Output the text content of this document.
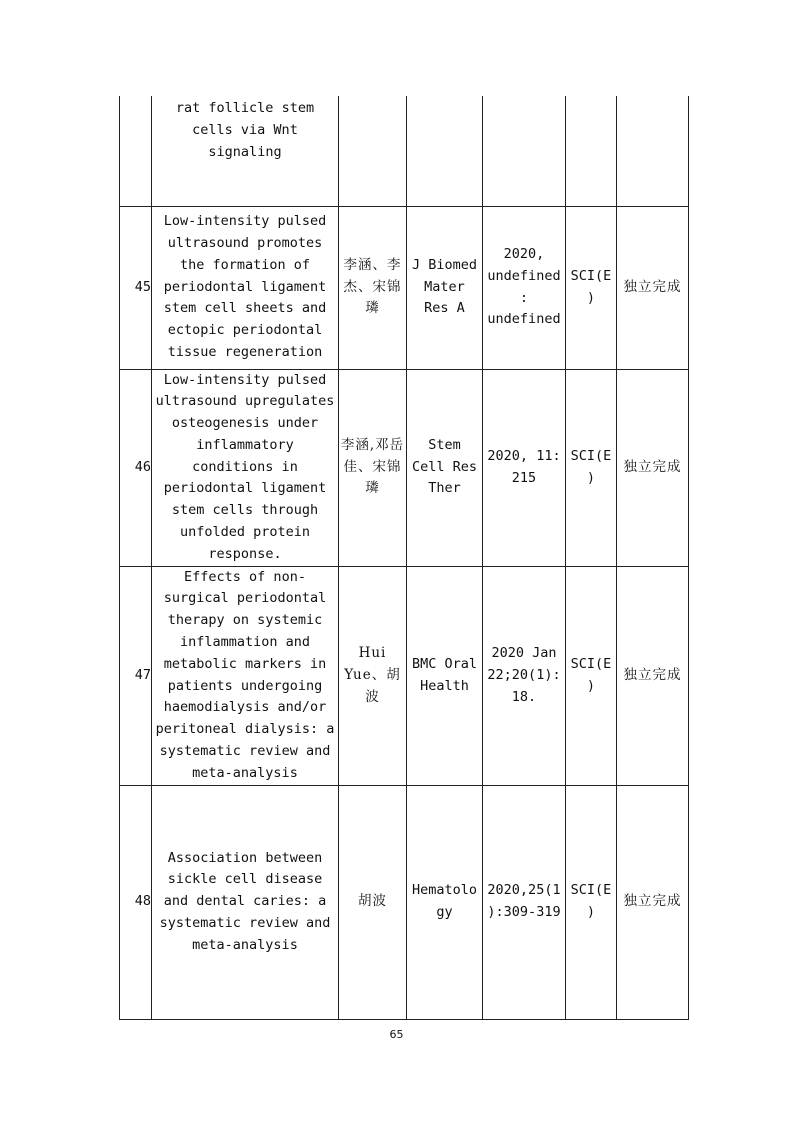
	rat follicle stem cells via Wnt signaling					
45	Low-intensity pulsed ultrasound promotes the formation of periodontal ligament stem cell sheets and ectopic periodontal tissue regeneration	李涵、李杰、宋锦璘	J Biomed Mater Res A	2020, undefined: undefined	SCI(E)	独立完成
46	Low-intensity pulsed ultrasound upregulates osteogenesis under inflammatory conditions in periodontal ligament stem cells through unfolded protein response.	李涵,邓岳佳、宋锦璘	Stem Cell Res Ther	2020, 11: 215	SCI(E)	独立完成
47	Effects of non-surgical periodontal therapy on systemic inflammation and metabolic markers in patients undergoing haemodialysis and/or peritoneal dialysis: a systematic review and meta-analysis	Hui Yue、胡波	BMC Oral Health	2020 Jan 22;20(1):18.	SCI(E)	独立完成
48	Association between sickle cell disease and dental caries: a systematic review and meta-analysis	胡波	Hematology	2020,25(1):309-319	SCI(E)	独立完成
65
